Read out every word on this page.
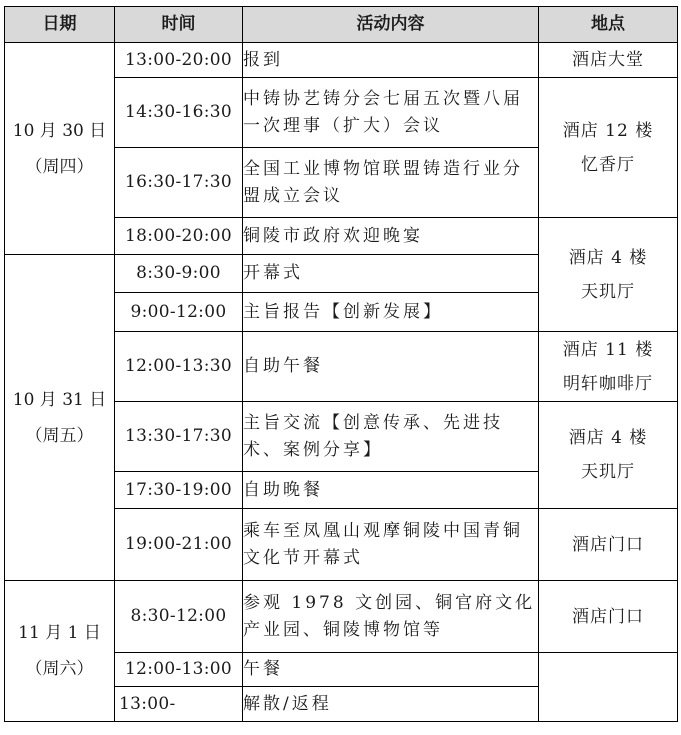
日期	时间	活动内容	地点

10 月 30 日
（周四）	13:00-20:00	报到	酒店大堂

	14:30-16:30	中铸协艺铸分会七届五次暨八届一次理事（扩大）会议	酒店 12 楼
忆香厅

	16:30-17:30	全国工业博物馆联盟铸造行业分盟成立会议	
	18:00-20:00	铜陵市政府欢迎晚宴	酒店 4 楼
天玑厅

10 月 31 日
（周五）	8:30-9:00	开幕式	
	9:00-12:00	主旨报告【创新发展】	
	12:00-13:30	自助午餐	酒店 11 楼
明轩咖啡厅

	13:30-17:30	主旨交流【创意传承、先进技术、案例分享】	酒店 4 楼
天玑厅

	17:30-19:00	自助晚餐	
	19:00-21:00	乘车至凤凰山观摩铜陵中国青铜文化节开幕式	酒店门口

11 月 1 日
（周六）	8:30-12:00	参观 1978 文创园、铜官府文化产业园、铜陵博物馆等	酒店门口

	12:00-13:00	午餐	
	13:00-	解散/返程	
